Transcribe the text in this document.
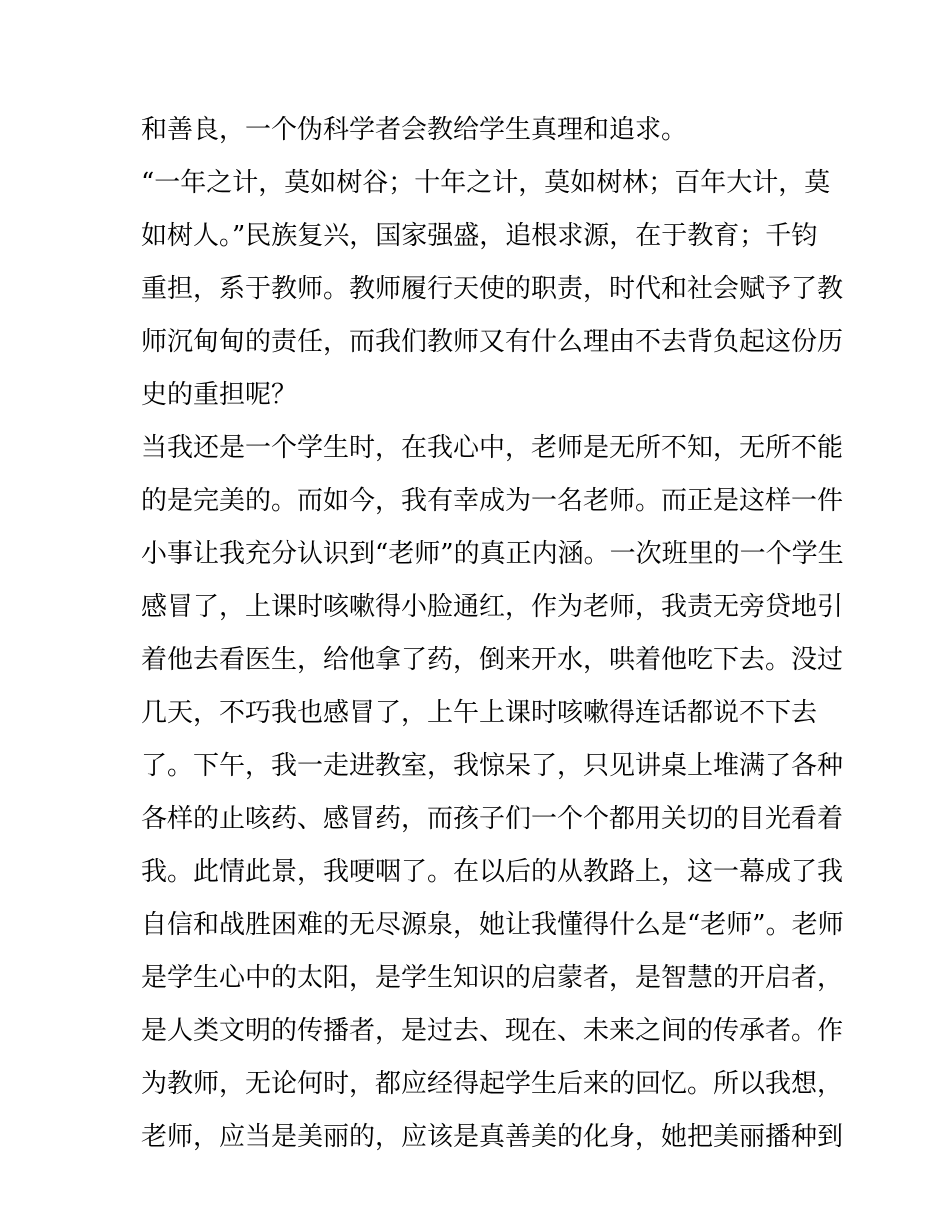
和善良，一个伪科学者会教给学生真理和追求。
“一年之计，莫如树谷；十年之计，莫如树林；百年大计，莫
如树人。”民族复兴，国家强盛，追根求源，在于教育；千钧
重担，系于教师。教师履行天使的职责，时代和社会赋予了教
师沉甸甸的责任，而我们教师又有什么理由不去背负起这份历
史的重担呢？
当我还是一个学生时，在我心中，老师是无所不知，无所不能
的是完美的。而如今，我有幸成为一名老师。而正是这样一件
小事让我充分认识到“老师”的真正内涵。一次班里的一个学生
感冒了，上课时咳嗽得小脸通红，作为老师，我责无旁贷地引
着他去看医生，给他拿了药，倒来开水，哄着他吃下去。没过
几天，不巧我也感冒了，上午上课时咳嗽得连话都说不下去
了。下午，我一走进教室，我惊呆了，只见讲桌上堆满了各种
各样的止咳药、感冒药，而孩子们一个个都用关切的目光看着
我。此情此景，我哽咽了。在以后的从教路上，这一幕成了我
自信和战胜困难的无尽源泉，她让我懂得什么是“老师”。老师
是学生心中的太阳，是学生知识的启蒙者，是智慧的开启者，
是人类文明的传播者，是过去、现在、未来之间的传承者。作
为教师，无论何时，都应经得起学生后来的回忆。所以我想，
老师，应当是美丽的，应该是真善美的化身，她把美丽播种到
